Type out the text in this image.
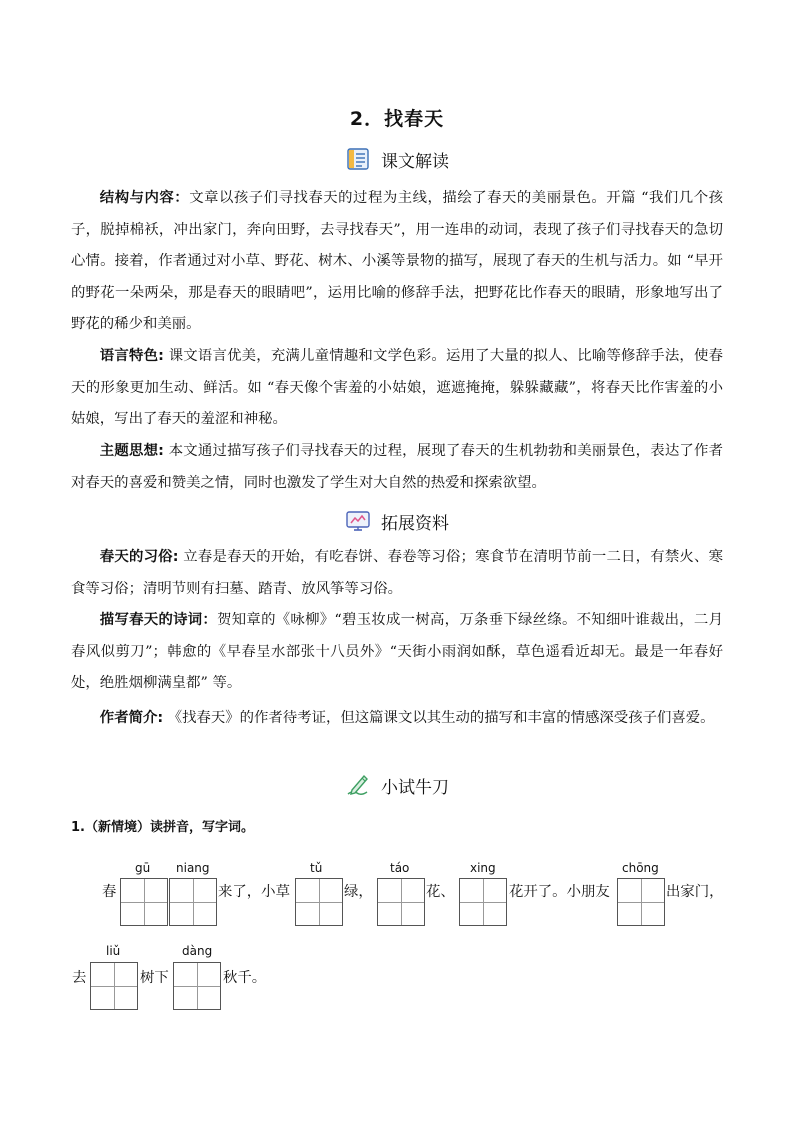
2．找春天
课文解读

结构与内容：文章以孩子们寻找春天的过程为主线，描绘了春天的美丽景色。开篇 “我们几个孩子，脱掉棉袄，冲出家门，奔向田野，去寻找春天”，用一连串的动词，表现了孩子们寻找春天的急切心情。接着，作者通过对小草、野花、树木、小溪等景物的描写，展现了春天的生机与活力。如 “早开的野花一朵两朵，那是春天的眼睛吧”，运用比喻的修辞手法，把野花比作春天的眼睛，形象地写出了野花的稀少和美丽。

语言特色: 课文语言优美，充满儿童情趣和文学色彩。运用了大量的拟人、比喻等修辞手法，使春天的形象更加生动、鲜活。如 “春天像个害羞的小姑娘，遮遮掩掩，躲躲藏藏”，将春天比作害羞的小姑娘，写出了春天的羞涩和神秘。

主题思想: 本文通过描写孩子们寻找春天的过程，展现了春天的生机勃勃和美丽景色，表达了作者对春天的喜爱和赞美之情，同时也激发了学生对大自然的热爱和探索欲望。

拓展资料

春天的习俗: 立春是春天的开始，有吃春饼、春卷等习俗；寒食节在清明节前一二日，有禁火、寒食等习俗；清明节则有扫墓、踏青、放风筝等习俗。

描写春天的诗词：贺知章的《咏柳》“碧玉妆成一树高，万条垂下绿丝绦。不知细叶谁裁出，二月春风似剪刀”；韩愈的《早春呈水部张十八员外》“天街小雨润如酥，草色遥看近却无。最是一年春好处，绝胜烟柳满皇都” 等。

作者简介: 《找春天》的作者待考证，但这篇课文以其生动的描写和丰富的情感深受孩子们喜爱。

小试牛刀
1.（新情境）读拼音，写字词。
春
gū niang
来了，小草
tǔ
绿，
táo
花、
xing
花开了。小朋友
chōng
出家门，
去
liǔ
树下
dàng
秋千。
